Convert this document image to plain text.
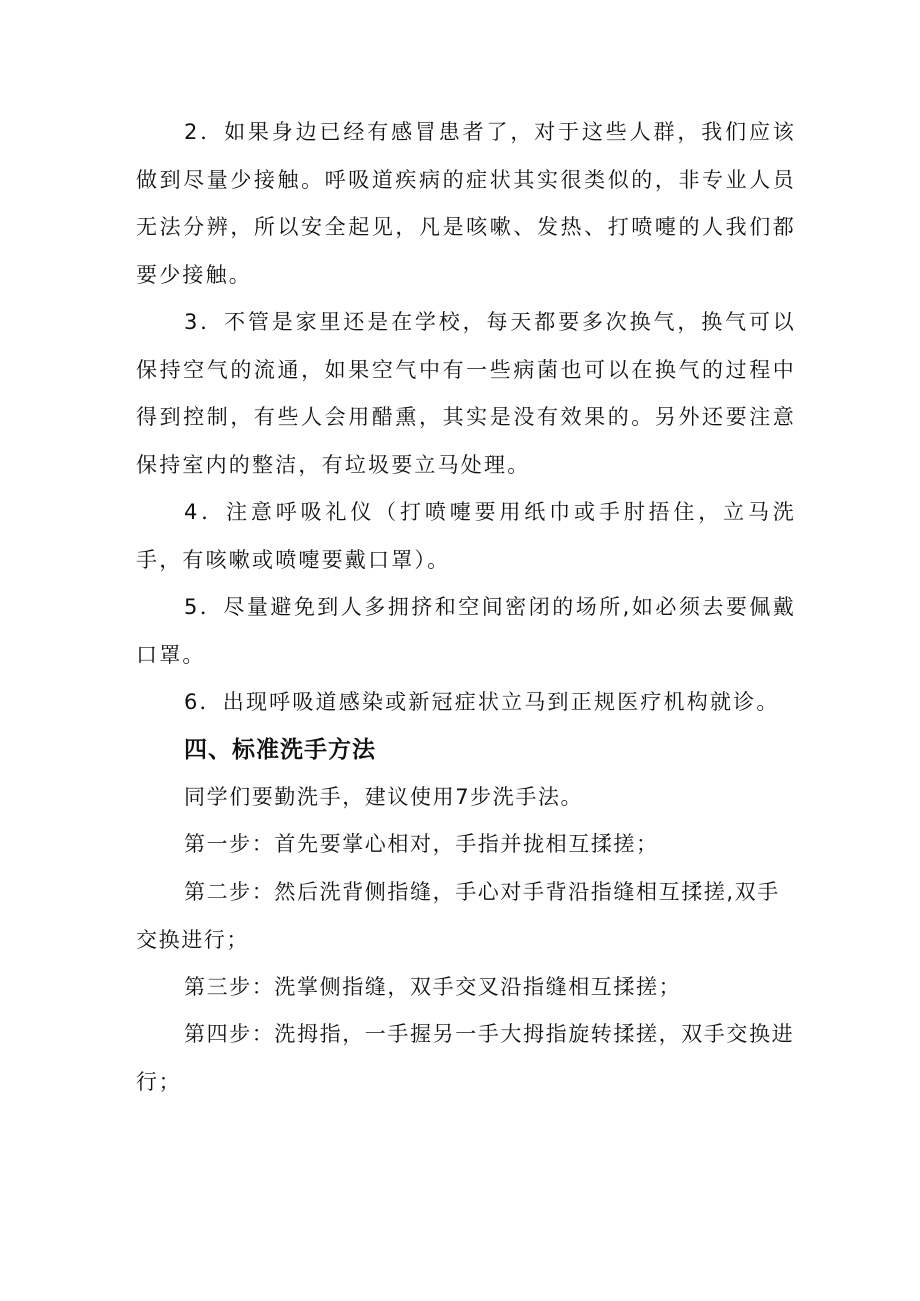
2．如果身边已经有感冒患者了，对于这些人群，我们应该做到尽量少接触。呼吸道疾病的症状其实很类似的，非专业人员无法分辨，所以安全起见，凡是咳嗽、发热、打喷嚏的人我们都要少接触。

3．不管是家里还是在学校，每天都要多次换气，换气可以保持空气的流通，如果空气中有一些病菌也可以在换气的过程中得到控制，有些人会用醋熏，其实是没有效果的。另外还要注意保持室内的整洁，有垃圾要立马处理。

4．注意呼吸礼仪（打喷嚏要用纸巾或手肘捂住，立马洗手，有咳嗽或喷嚏要戴口罩）。

5．尽量避免到人多拥挤和空间密闭的场所,如必须去要佩戴口罩。

6．出现呼吸道感染或新冠症状立马到正规医疗机构就诊。

四、标准洗手方法

同学们要勤洗手，建议使用7步洗手法。

第一步：首先要掌心相对，手指并拢相互揉搓；

第二步：然后洗背侧指缝，手心对手背沿指缝相互揉搓,双手交换进行；

第三步：洗掌侧指缝，双手交叉沿指缝相互揉搓；

第四步：洗拇指，一手握另一手大拇指旋转揉搓，双手交换进行；
